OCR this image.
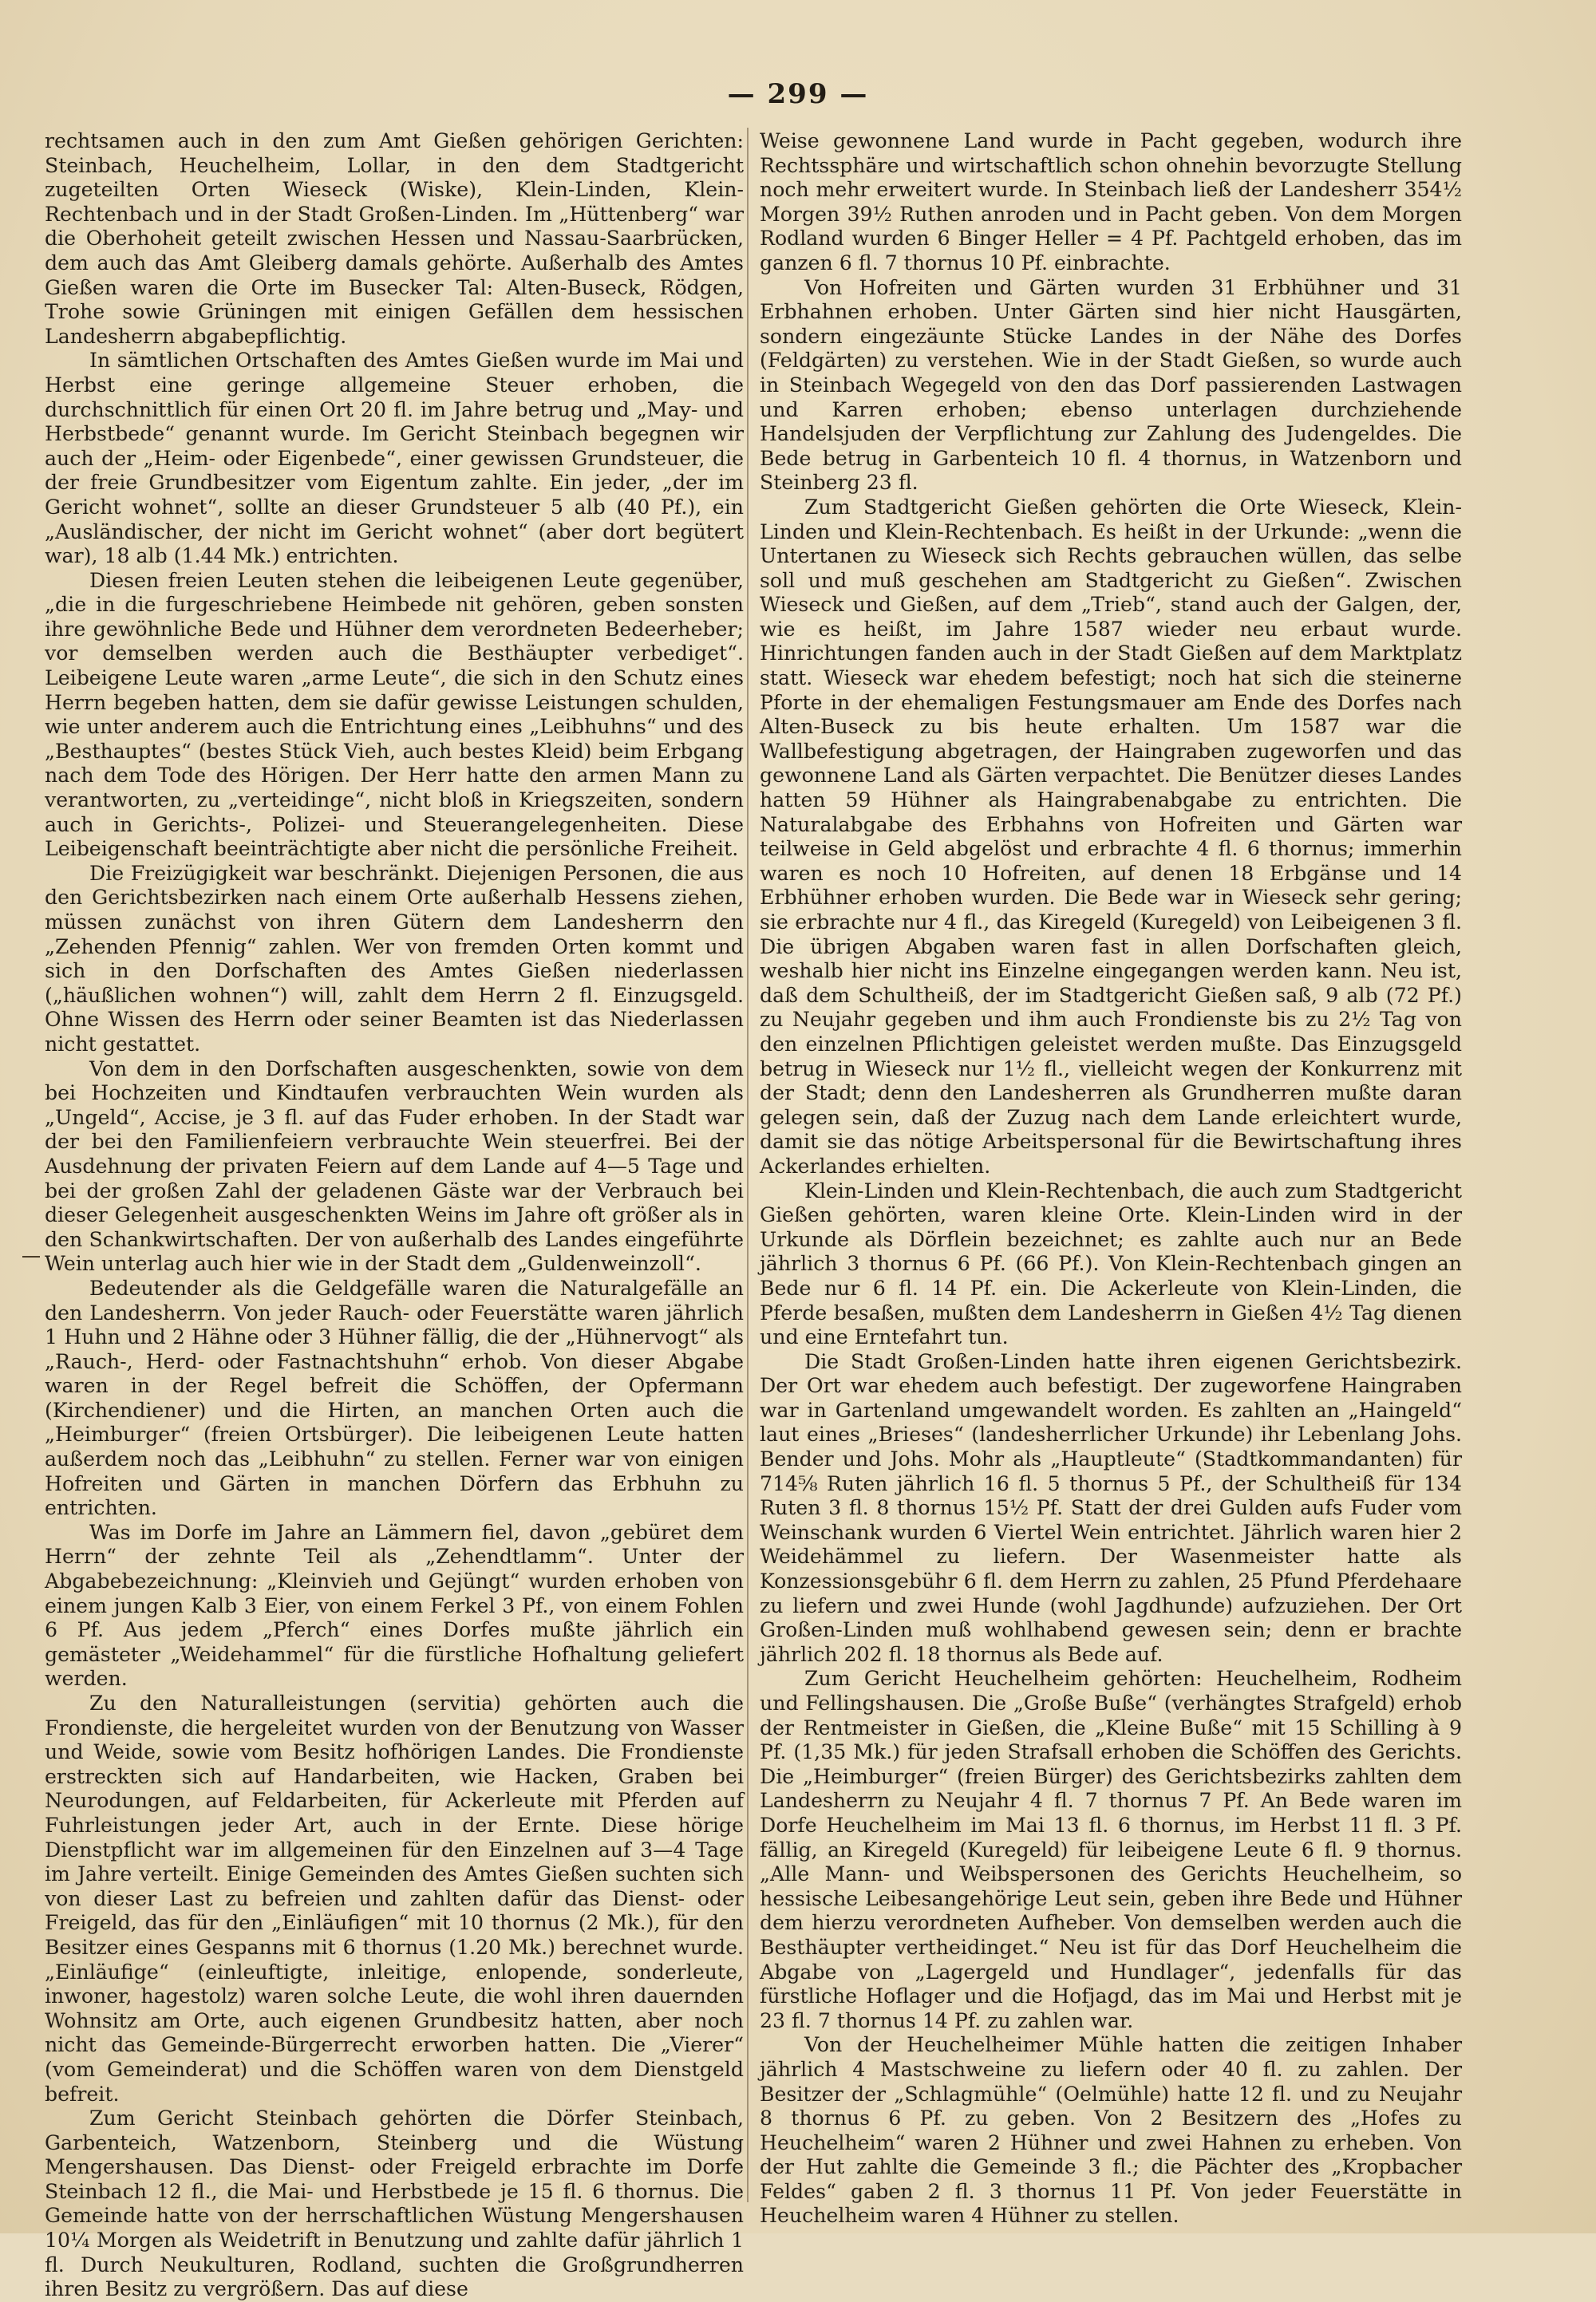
— 299 —

rechtsamen auch in den zum Amt Gießen gehörigen Gerichten: Steinbach, Heuchelheim, Lollar, in den dem Stadtgericht zugeteilten Orten Wieseck (Wiske), Klein-Linden, Klein-Rechtenbach und in der Stadt Großen-Linden. Im „Hüttenberg“ war die Oberhoheit geteilt zwischen Hessen und Nassau-Saarbrücken, dem auch das Amt Gleiberg damals gehörte. Außerhalb des Amtes Gießen waren die Orte im Busecker Tal: Alten-Buseck, Rödgen, Trohe sowie Grüningen mit einigen Gefällen dem hessischen Landesherrn abgabepflichtig.

In sämtlichen Ortschaften des Amtes Gießen wurde im Mai und Herbst eine geringe allgemeine Steuer erhoben, die durchschnittlich für einen Ort 20 fl. im Jahre betrug und „May- und Herbstbede“ genannt wurde. Im Gericht Steinbach begegnen wir auch der „Heim- oder Eigenbede“, einer gewissen Grundsteuer, die der freie Grundbesitzer vom Eigentum zahlte. Ein jeder, „der im Gericht wohnet“, sollte an dieser Grundsteuer 5 alb (40 Pf.), ein „Ausländischer, der nicht im Gericht wohnet“ (aber dort begütert war), 18 alb (1.44 Mk.) entrichten.

Diesen freien Leuten stehen die leibeigenen Leute gegenüber, „die in die furgeschriebene Heimbede nit gehören, geben sonsten ihre gewöhnliche Bede und Hühner dem verordneten Bedeerheber; vor demselben werden auch die Besthäupter verbediget“. Leibeigene Leute waren „arme Leute“, die sich in den Schutz eines Herrn begeben hatten, dem sie dafür gewisse Leistungen schulden, wie unter anderem auch die Entrichtung eines „Leibhuhns“ und des „Besthauptes“ (bestes Stück Vieh, auch bestes Kleid) beim Erbgang nach dem Tode des Hörigen. Der Herr hatte den armen Mann zu verantworten, zu „verteidinge“, nicht bloß in Kriegszeiten, sondern auch in Gerichts-, Polizei- und Steuerangelegenheiten. Diese Leibeigenschaft beeinträchtigte aber nicht die persönliche Freiheit.

Die Freizügigkeit war beschränkt. Diejenigen Personen, die aus den Gerichtsbezirken nach einem Orte außerhalb Hessens ziehen, müssen zunächst von ihren Gütern dem Landesherrn den „Zehenden Pfennig“ zahlen. Wer von fremden Orten kommt und sich in den Dorfschaften des Amtes Gießen niederlassen („häußlichen wohnen“) will, zahlt dem Herrn 2 fl. Einzugsgeld. Ohne Wissen des Herrn oder seiner Beamten ist das Niederlassen nicht gestattet.

Von dem in den Dorfschaften ausgeschenkten, sowie von dem bei Hochzeiten und Kindtaufen verbrauchten Wein wurden als „Ungeld“, Accise, je 3 fl. auf das Fuder erhoben. In der Stadt war der bei den Familienfeiern verbrauchte Wein steuerfrei. Bei der Ausdehnung der privaten Feiern auf dem Lande auf 4—5 Tage und bei der großen Zahl der geladenen Gäste war der Verbrauch bei dieser Gelegenheit ausgeschenkten Weins im Jahre oft größer als in den Schankwirtschaften. Der von außerhalb des Landes eingeführte Wein unterlag auch hier wie in der Stadt dem „Guldenweinzoll“.

Bedeutender als die Geldgefälle waren die Naturalgefälle an den Landesherrn. Von jeder Rauch- oder Feuerstätte waren jährlich 1 Huhn und 2 Hähne oder 3 Hühner fällig, die der „Hühnervogt“ als „Rauch-, Herd- oder Fastnachtshuhn“ erhob. Von dieser Abgabe waren in der Regel befreit die Schöffen, der Opfermann (Kirchendiener) und die Hirten, an manchen Orten auch die „Heimburger“ (freien Ortsbürger). Die leibeigenen Leute hatten außerdem noch das „Leibhuhn“ zu stellen. Ferner war von einigen Hofreiten und Gärten in manchen Dörfern das Erbhuhn zu entrichten.

Was im Dorfe im Jahre an Lämmern fiel, davon „gebüret dem Herrn“ der zehnte Teil als „Zehendtlamm“. Unter der Abgabebezeichnung: „Kleinvieh und Gejüngt“ wurden erhoben von einem jungen Kalb 3 Eier, von einem Ferkel 3 Pf., von einem Fohlen 6 Pf. Aus jedem „Pferch“ eines Dorfes mußte jährlich ein gemästeter „Weidehammel“ für die fürstliche Hofhaltung geliefert werden.

Zu den Naturalleistungen (servitia) gehörten auch die Frondienste, die hergeleitet wurden von der Benutzung von Wasser und Weide, sowie vom Besitz hofhörigen Landes. Die Frondienste erstreckten sich auf Handarbeiten, wie Hacken, Graben bei Neurodungen, auf Feldarbeiten, für Ackerleute mit Pferden auf Fuhrleistungen jeder Art, auch in der Ernte. Diese hörige Dienstpflicht war im allgemeinen für den Einzelnen auf 3—4 Tage im Jahre verteilt. Einige Gemeinden des Amtes Gießen suchten sich von dieser Last zu befreien und zahlten dafür das Dienst- oder Freigeld, das für den „Einläufigen“ mit 10 thornus (2 Mk.), für den Besitzer eines Gespanns mit 6 thornus (1.20 Mk.) berechnet wurde. „Einläufige“ (einleuftigte, inleitige, enlopende, sonderleute, inwoner, hagestolz) waren solche Leute, die wohl ihren dauernden Wohnsitz am Orte, auch eigenen Grundbesitz hatten, aber noch nicht das Gemeinde-Bürgerrecht erworben hatten. Die „Vierer“ (vom Gemeinderat) und die Schöffen waren von dem Dienstgeld befreit.

Zum Gericht Steinbach gehörten die Dörfer Steinbach, Garbenteich, Watzenborn, Steinberg und die Wüstung Mengershausen. Das Dienst- oder Freigeld erbrachte im Dorfe Steinbach 12 fl., die Mai- und Herbstbede je 15 fl. 6 thornus. Die Gemeinde hatte von der herrschaftlichen Wüstung Mengershausen 10¼ Morgen als Weidetrift in Benutzung und zahlte dafür jährlich 1 fl. Durch Neukulturen, Rodland, suchten die Großgrundherren ihren Besitz zu vergrößern. Das auf diese

Weise gewonnene Land wurde in Pacht gegeben, wodurch ihre Rechtssphäre und wirtschaftlich schon ohnehin bevorzugte Stellung noch mehr erweitert wurde. In Steinbach ließ der Landesherr 354½ Morgen 39½ Ruthen anroden und in Pacht geben. Von dem Morgen Rodland wurden 6 Binger Heller = 4 Pf. Pachtgeld erhoben, das im ganzen 6 fl. 7 thornus 10 Pf. einbrachte.

Von Hofreiten und Gärten wurden 31 Erbhühner und 31 Erbhahnen erhoben. Unter Gärten sind hier nicht Hausgärten, sondern eingezäunte Stücke Landes in der Nähe des Dorfes (Feldgärten) zu verstehen. Wie in der Stadt Gießen, so wurde auch in Steinbach Wegegeld von den das Dorf passierenden Lastwagen und Karren erhoben; ebenso unterlagen durchziehende Handelsjuden der Verpflichtung zur Zahlung des Judengeldes. Die Bede betrug in Garbenteich 10 fl. 4 thornus, in Watzenborn und Steinberg 23 fl.

Zum Stadtgericht Gießen gehörten die Orte Wieseck, Klein-Linden und Klein-Rechtenbach. Es heißt in der Urkunde: „wenn die Untertanen zu Wieseck sich Rechts gebrauchen wüllen, das selbe soll und muß geschehen am Stadtgericht zu Gießen“. Zwischen Wieseck und Gießen, auf dem „Trieb“, stand auch der Galgen, der, wie es heißt, im Jahre 1587 wieder neu erbaut wurde. Hinrichtungen fanden auch in der Stadt Gießen auf dem Marktplatz statt. Wieseck war ehedem befestigt; noch hat sich die steinerne Pforte in der ehemaligen Festungsmauer am Ende des Dorfes nach Alten-Buseck zu bis heute erhalten. Um 1587 war die Wallbefestigung abgetragen, der Haingraben zugeworfen und das gewonnene Land als Gärten verpachtet. Die Benützer dieses Landes hatten 59 Hühner als Haingrabenabgabe zu entrichten. Die Naturalabgabe des Erbhahns von Hofreiten und Gärten war teilweise in Geld abgelöst und erbrachte 4 fl. 6 thornus; immerhin waren es noch 10 Hofreiten, auf denen 18 Erbgänse und 14 Erbhühner erhoben wurden. Die Bede war in Wieseck sehr gering; sie erbrachte nur 4 fl., das Kiregeld (Kuregeld) von Leibeigenen 3 fl. Die übrigen Abgaben waren fast in allen Dorfschaften gleich, weshalb hier nicht ins Einzelne eingegangen werden kann. Neu ist, daß dem Schultheiß, der im Stadtgericht Gießen saß, 9 alb (72 Pf.) zu Neujahr gegeben und ihm auch Frondienste bis zu 2½ Tag von den einzelnen Pflichtigen geleistet werden mußte. Das Einzugsgeld betrug in Wieseck nur 1½ fl., vielleicht wegen der Konkurrenz mit der Stadt; denn den Landesherren als Grundherren mußte daran gelegen sein, daß der Zuzug nach dem Lande erleichtert wurde, damit sie das nötige Arbeitspersonal für die Bewirtschaftung ihres Ackerlandes erhielten.

Klein-Linden und Klein-Rechtenbach, die auch zum Stadtgericht Gießen gehörten, waren kleine Orte. Klein-Linden wird in der Urkunde als Dörflein bezeichnet; es zahlte auch nur an Bede jährlich 3 thornus 6 Pf. (66 Pf.). Von Klein-Rechtenbach gingen an Bede nur 6 fl. 14 Pf. ein. Die Ackerleute von Klein-Linden, die Pferde besaßen, mußten dem Landesherrn in Gießen 4½ Tag dienen und eine Erntefahrt tun.

Die Stadt Großen-Linden hatte ihren eigenen Gerichtsbezirk. Der Ort war ehedem auch befestigt. Der zugeworfene Haingraben war in Gartenland umgewandelt worden. Es zahlten an „Haingeld“ laut eines „Brieses“ (landesherrlicher Urkunde) ihr Lebenlang Johs. Bender und Johs. Mohr als „Hauptleute“ (Stadtkommandanten) für 714⅝ Ruten jährlich 16 fl. 5 thornus 5 Pf., der Schultheiß für 134 Ruten 3 fl. 8 thornus 15½ Pf. Statt der drei Gulden aufs Fuder vom Weinschank wurden 6 Viertel Wein entrichtet. Jährlich waren hier 2 Weidehämmel zu liefern. Der Wasenmeister hatte als Konzessionsgebühr 6 fl. dem Herrn zu zahlen, 25 Pfund Pferdehaare zu liefern und zwei Hunde (wohl Jagdhunde) aufzuziehen. Der Ort Großen-Linden muß wohlhabend gewesen sein; denn er brachte jährlich 202 fl. 18 thornus als Bede auf.

Zum Gericht Heuchelheim gehörten: Heuchelheim, Rodheim und Fellingshausen. Die „Große Buße“ (verhängtes Strafgeld) erhob der Rentmeister in Gießen, die „Kleine Buße“ mit 15 Schilling à 9 Pf. (1,35 Mk.) für jeden Strafsall erhoben die Schöffen des Gerichts. Die „Heimburger“ (freien Bürger) des Gerichtsbezirks zahlten dem Landesherrn zu Neujahr 4 fl. 7 thornus 7 Pf. An Bede waren im Dorfe Heuchelheim im Mai 13 fl. 6 thornus, im Herbst 11 fl. 3 Pf. fällig, an Kiregeld (Kuregeld) für leibeigene Leute 6 fl. 9 thornus. „Alle Mann- und Weibspersonen des Gerichts Heuchelheim, so hessische Leibesangehörige Leut sein, geben ihre Bede und Hühner dem hierzu verordneten Aufheber. Von demselben werden auch die Besthäupter vertheidinget.“ Neu ist für das Dorf Heuchelheim die Abgabe von „Lagergeld und Hundlager“, jedenfalls für das fürstliche Hoflager und die Hofjagd, das im Mai und Herbst mit je 23 fl. 7 thornus 14 Pf. zu zahlen war.

Von der Heuchelheimer Mühle hatten die zeitigen Inhaber jährlich 4 Mastschweine zu liefern oder 40 fl. zu zahlen. Der Besitzer der „Schlagmühle“ (Oelmühle) hatte 12 fl. und zu Neujahr 8 thornus 6 Pf. zu geben. Von 2 Besitzern des „Hofes zu Heuchelheim“ waren 2 Hühner und zwei Hahnen zu erheben. Von der Hut zahlte die Gemeinde 3 fl.; die Pächter des „Kropbacher Feldes“ gaben 2 fl. 3 thornus 11 Pf. Von jeder Feuerstätte in Heuchelheim waren 4 Hühner zu stellen.
